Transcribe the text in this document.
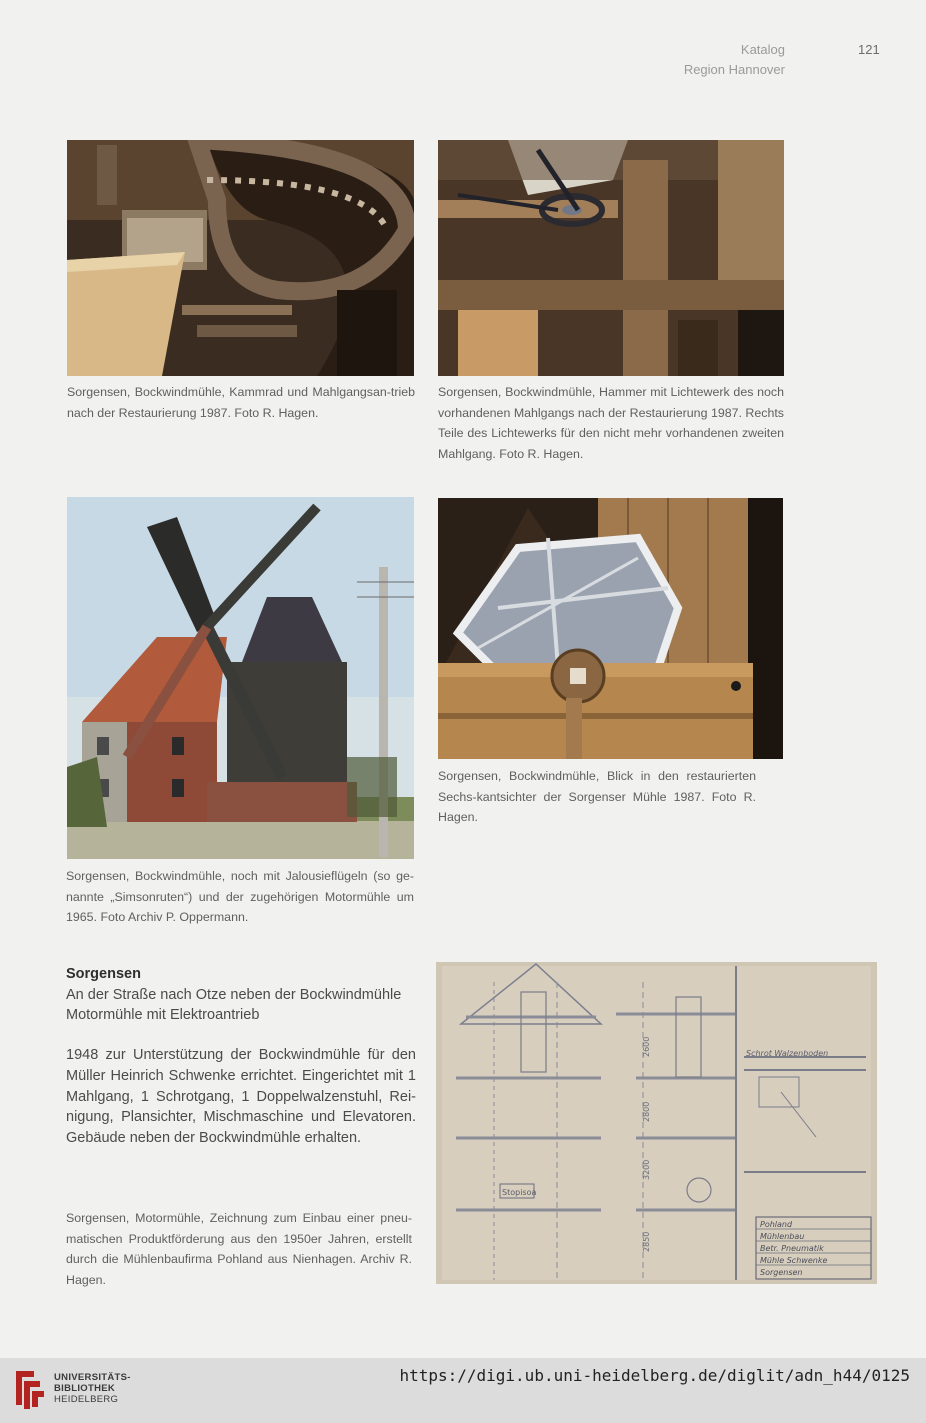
Katalog
Region Hannover
121
Sorgensen, Bockwindmühle, Kammrad und Mahlgangsan-trieb nach der Restaurierung 1987. Foto R. Hagen.
Sorgensen, Bockwindmühle, Hammer mit Lichtewerk des noch vorhandenen Mahlgangs nach der Restaurierung 1987. Rechts Teile des Lichtewerks für den nicht mehr vorhandenen zweiten Mahlgang. Foto R. Hagen.
Sorgensen, Bockwindmühle, noch mit Jalousieflügeln (so ge-nannte „Simsonruten“) und der zugehörigen Motormühle um 1965. Foto Archiv P. Oppermann.
Sorgensen, Bockwindmühle, Blick in den restaurierten Sechs-kantsichter der Sorgenser Mühle 1987. Foto R. Hagen.
Sorgensen
An der Straße nach Otze neben der Bockwindmühle
Motormühle mit Elektroantrieb
1948 zur Unterstützung der Bockwindmühle für den Müller Heinrich Schwenke errichtet. Eingerichtet mit 1 Mahlgang, 1 Schrotgang, 1 Doppelwalzenstuhl, Rei-nigung, Plansichter, Mischmaschine und Elevatoren. Gebäude neben der Bockwindmühle erhalten.
Sorgensen, Motormühle, Zeichnung zum Einbau einer pneu-matischen Produktförderung aus den 1950er Jahren, erstellt durch die Mühlenbaufirma Pohland aus Nienhagen. Archiv R. Hagen.
Stopisoa
Schrot Walzenboden
2600
2800
3200
2850
Pohland
Mühlenbau
Betr. Pneumatik
Mühle Schwenke
Sorgensen
UNIVERSITÄTS-
BIBLIOTHEK
HEIDELBERG
https://digi.ub.uni-heidelberg.de/diglit/adn_h44/0125
